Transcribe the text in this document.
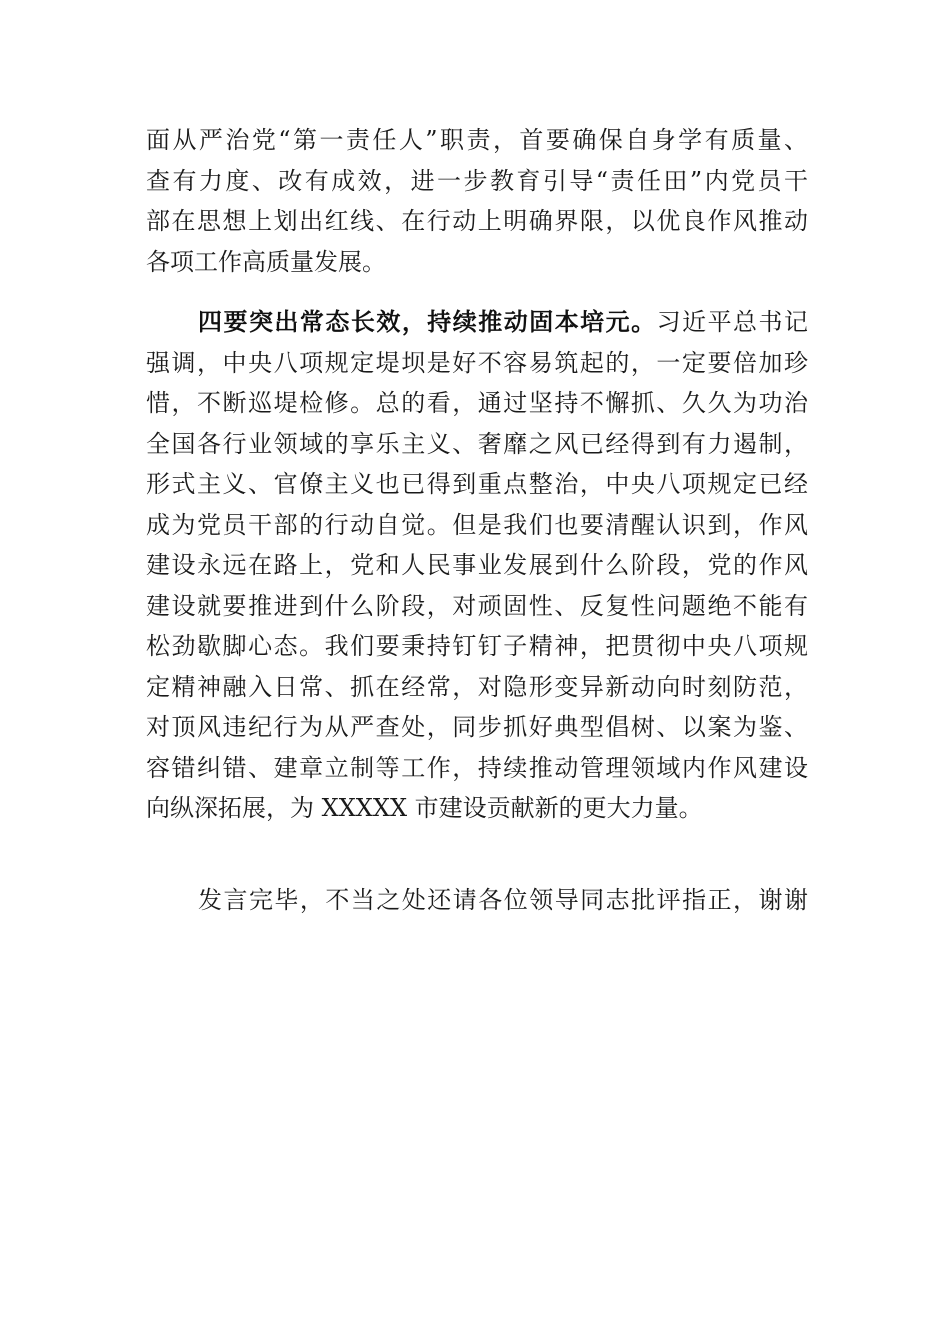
面从严治党“第一责任人”职责，首要确保自身学有质量、
查有力度、改有成效，进一步教育引导“责任田”内党员干
部在思想上划出红线、在行动上明确界限，以优良作风推动
各项工作高质量发展。

四要突出常态长效，持续推动固本培元。习近平总书记
强调，中央八项规定堤坝是好不容易筑起的，一定要倍加珍
惜，不断巡堤检修。总的看，通过坚持不懈抓、久久为功治
全国各行业领域的享乐主义、奢靡之风已经得到有力遏制，
形式主义、官僚主义也已得到重点整治，中央八项规定已经
成为党员干部的行动自觉。但是我们也要清醒认识到，作风
建设永远在路上，党和人民事业发展到什么阶段，党的作风
建设就要推进到什么阶段，对顽固性、反复性问题绝不能有
松劲歇脚心态。我们要秉持钉钉子精神，把贯彻中央八项规
定精神融入日常、抓在经常，对隐形变异新动向时刻防范，
对顶风违纪行为从严查处，同步抓好典型倡树、以案为鉴、
容错纠错、建章立制等工作，持续推动管理领域内作风建设
向纵深拓展，为 XXXXX 市建设贡献新的更大力量。

发言完毕，不当之处还请各位领导同志批评指正，谢谢
